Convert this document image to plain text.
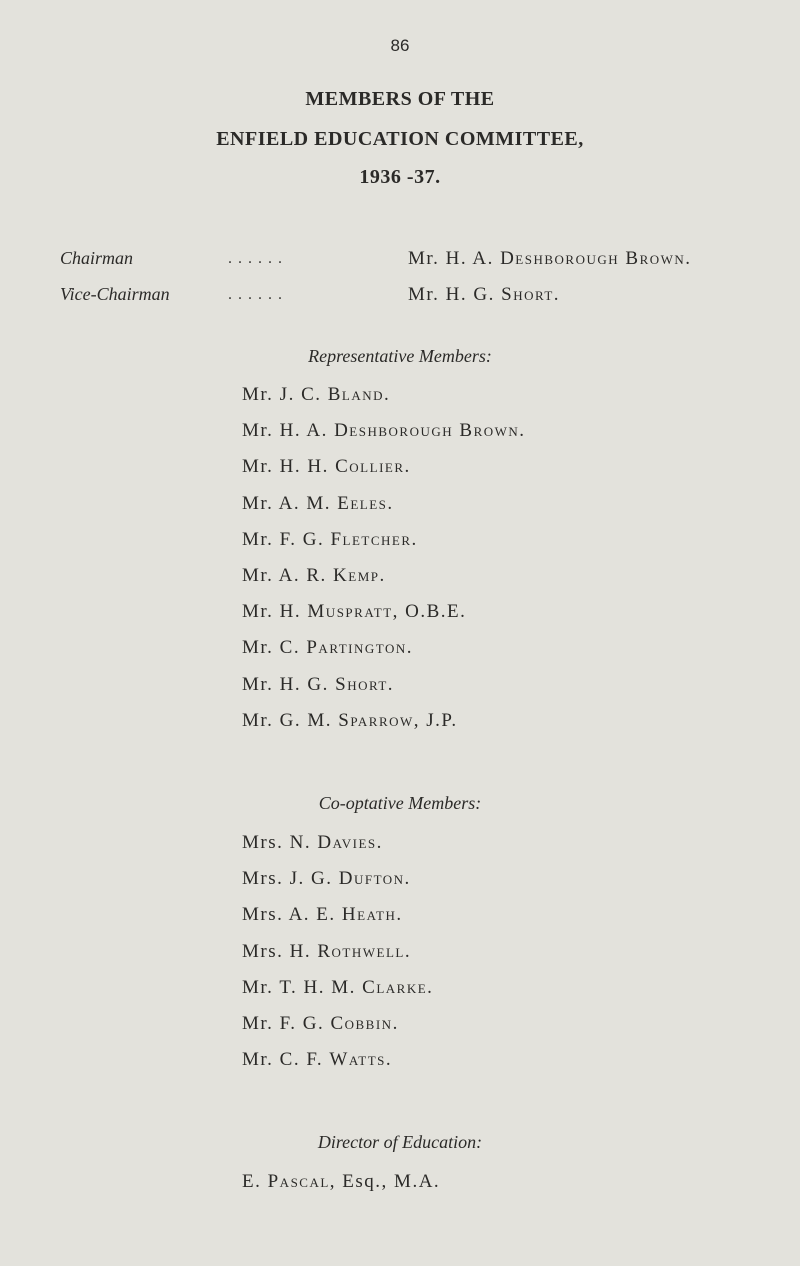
86
MEMBERS OF THE
ENFIELD EDUCATION COMMITTEE,
1936 -37.
Chairman	. . . . . .	Mr. H. A. Deshborough Brown.
Vice-Chairman	. . . . . .	Mr. H. G. Short.
Representative Members:
Mr. J. C. Bland.
Mr. H. A. Deshborough Brown.
Mr. H. H. Collier.
Mr. A. M. Eeles.
Mr. F. G. Fletcher.
Mr. A. R. Kemp.
Mr. H. Muspratt, O.B.E.
Mr. C. Partington.
Mr. H. G. Short.
Mr. G. M. Sparrow, J.P.
Co-optative Members:
Mrs. N. Davies.
Mrs. J. G. Dufton.
Mrs. A. E. Heath.
Mrs. H. Rothwell.
Mr. T. H. M. Clarke.
Mr. F. G. Cobbin.
Mr. C. F. Watts.
Director of Education:
E. Pascal, Esq., M.A.
